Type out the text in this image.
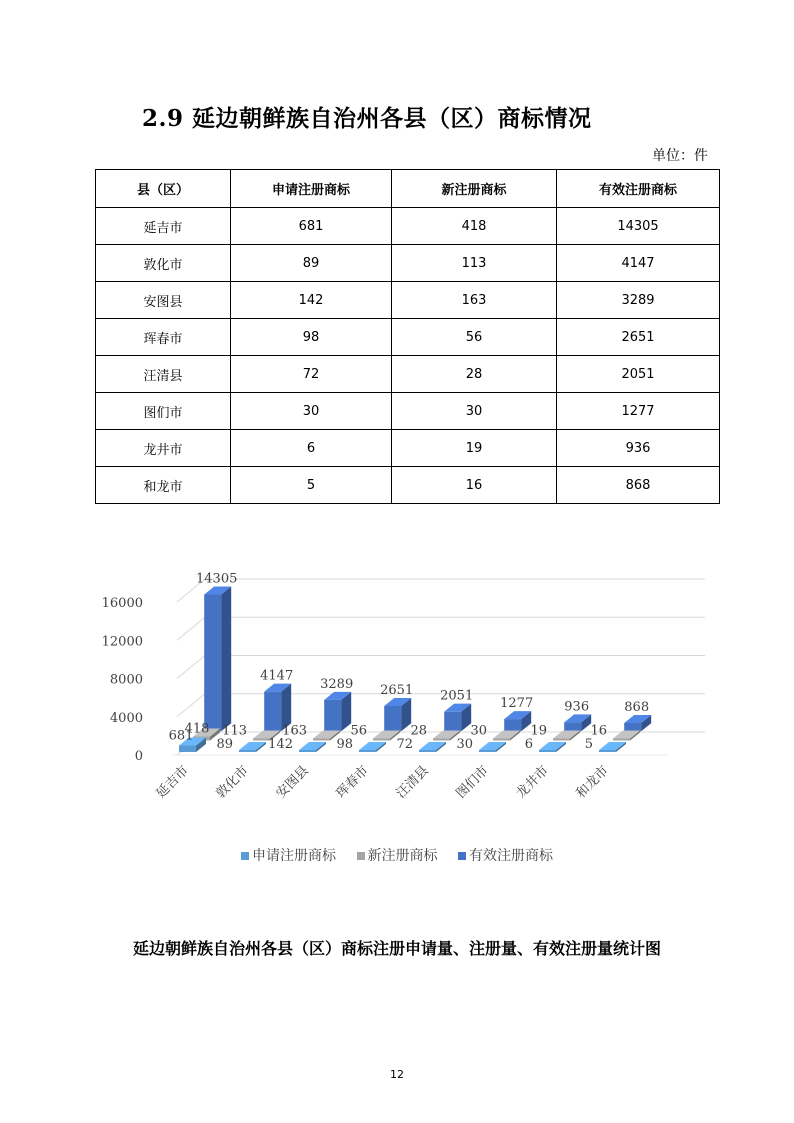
2.9 延边朝鲜族自治州各县（区）商标情况
单位：件
县（区）	申请注册商标	新注册商标	有效注册商标
延吉市	681	418	14305
敦化市	89	113	4147
安图县	142	163	3289
珲春市	98	56	2651
汪清县	72	28	2051
图们市	30	30	1277
龙井市	6	19	936
和龙市	5	16	868
0
4000
8000
12000
16000
14305
4147
3289 2651 2051 1277 936	868
418 113	163	56	28	30	19	16
681
89	142	98	72	30	6	5
延吉市 敦化市 安图县 珲春市 汪清县 图们市 龙井市 和龙市
申请注册商标 新注册商标 有效注册商标
延边朝鲜族自治州各县（区）商标注册申请量、注册量、有效注册量统计图
12
